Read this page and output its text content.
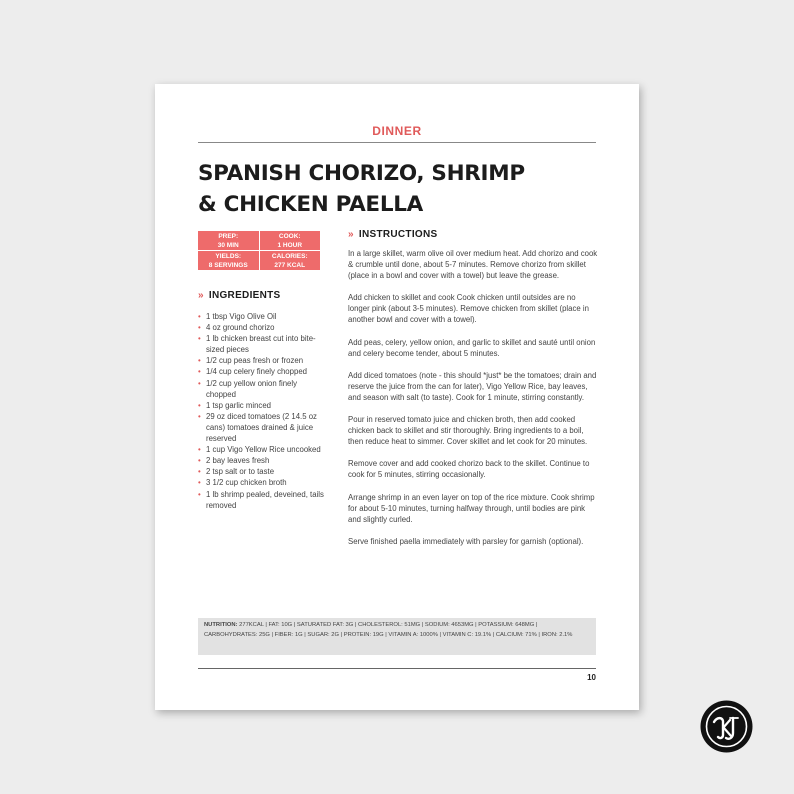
DINNER
SPANISH CHORIZO, SHRIMP
& CHICKEN PAELLA
PREP:
30 MIN
COOK:
1 HOUR
YIELDS:
8 SERVINGS
CALORIES:
277 KCAL
» INGREDIENTS
• 1 tbsp Vigo Olive Oil
• 4 oz ground chorizo
• 1 lb chicken breast cut into bite-sized pieces
• 1/2 cup peas fresh or frozen
• 1/4 cup celery finely chopped
• 1/2 cup yellow onion finely chopped
• 1 tsp garlic minced
• 29 oz diced tomatoes (2 14.5 oz cans) tomatoes drained & juice reserved
• 1 cup Vigo Yellow Rice uncooked
• 2 bay leaves fresh
• 2 tsp salt or to taste
• 3 1/2 cup chicken broth
• 1 lb shrimp pealed, deveined, tails removed
» INSTRUCTIONS

In a large skillet, warm olive oil over medium heat. Add chorizo and cook & crumble until done, about 5-7 minutes. Remove chorizo from skillet (place in a bowl and cover with a towel) but leave the grease.

Add chicken to skillet and cook Cook chicken until outsides are no longer pink (about 3-5 minutes). Remove chicken from skillet (place in another bowl and cover with a towel).

Add peas, celery, yellow onion, and garlic to skillet and sauté until onion and celery become tender, about 5 minutes.

Add diced tomatoes (note - this should *just* be the tomatoes; drain and reserve the juice from the can for later), Vigo Yellow Rice, bay leaves, and season with salt (to taste). Cook for 1 minute, stirring constantly.

Pour in reserved tomato juice and chicken broth, then add cooked chicken back to skillet and stir thoroughly. Bring ingredients to a boil, then reduce heat to simmer. Cover skillet and let cook for 20 minutes.

Remove cover and add cooked chorizo back to the skillet. Continue to cook for 5 minutes, stirring occasionally.

Arrange shrimp in an even layer on top of the rice mixture. Cook shrimp for about 5-10 minutes, turning halfway through, until bodies are pink and slightly curled.

Serve finished paella immediately with parsley for garnish (optional).

NUTRITION: 277KCAL | FAT: 10G | SATURATED FAT: 3G | CHOLESTEROL: 51MG | SODIUM: 4653MG | POTASSIUM: 648MG | CARBOHYDRATES: 25G | FIBER: 1G | SUGAR: 2G | PROTEIN: 19G | VITAMIN A: 1000% | VITAMIN C: 19.1% | CALCIUM: 71% | IRON: 2.1%
10
